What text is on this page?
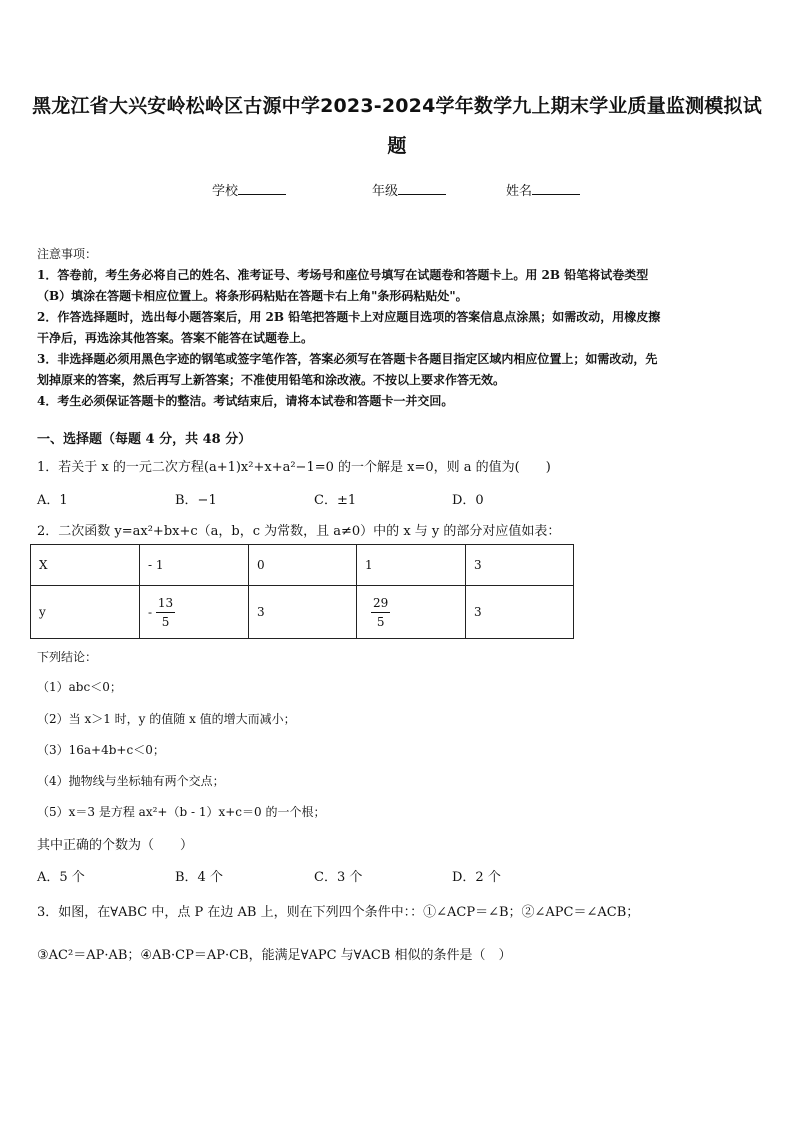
黑龙江省大兴安岭松岭区古源中学2023-2024学年数学九上期末学业质量监测模拟试
题
学校	年级	姓名

注意事项：

1．答卷前，考生务必将自己的姓名、准考证号、考场号和座位号填写在试题卷和答题卡上。用 2B 铅笔将试卷类型

（B）填涂在答题卡相应位置上。将条形码粘贴在答题卡右上角"条形码粘贴处"。

2．作答选择题时，选出每小题答案后，用 2B 铅笔把答题卡上对应题目选项的答案信息点涂黑；如需改动，用橡皮擦

干净后，再选涂其他答案。答案不能答在试题卷上。

3．非选择题必须用黑色字迹的钢笔或签字笔作答，答案必须写在答题卡各题目指定区域内相应位置上；如需改动，先

划掉原来的答案，然后再写上新答案；不准使用铅笔和涂改液。不按以上要求作答无效。

4．考生必须保证答题卡的整洁。考试结束后，请将本试卷和答题卡一并交回。

一、选择题（每题 4 分，共 48 分）
1．若关于 x 的一元二次方程(a+1)x²+x+a²−1=0 的一个解是 x=0，则 a 的值为(　　)
A．1	B．−1	C．±1	D．0
2．二次函数 y=ax²+bx+c（a，b，c 为常数，且 a≠0）中的 x 与 y 的部分对应值如表：
X	- 1	0	1	3
y	- $\frac{13}{5}$	3	$\frac{29}{5}$	3
下列结论：
（1）abc＜0；
（2）当 x＞1 时，y 的值随 x 值的增大而减小；
（3）16a+4b+c＜0；
（4）抛物线与坐标轴有两个交点；
（5）x＝3 是方程 ax²+（b - 1）x+c＝0 的一个根；
其中正确的个数为（　　）
A．5 个	B．4 个	C．3 个	D．2 个
3．如图，在∀ABC 中，点 P 在边 AB 上，则在下列四个条件中：：①∠ACP＝∠B；②∠APC＝∠ACB；
③AC²＝AP·AB；④AB·CP＝AP·CB，能满足∀APC 与∀ACB 相似的条件是（　）
